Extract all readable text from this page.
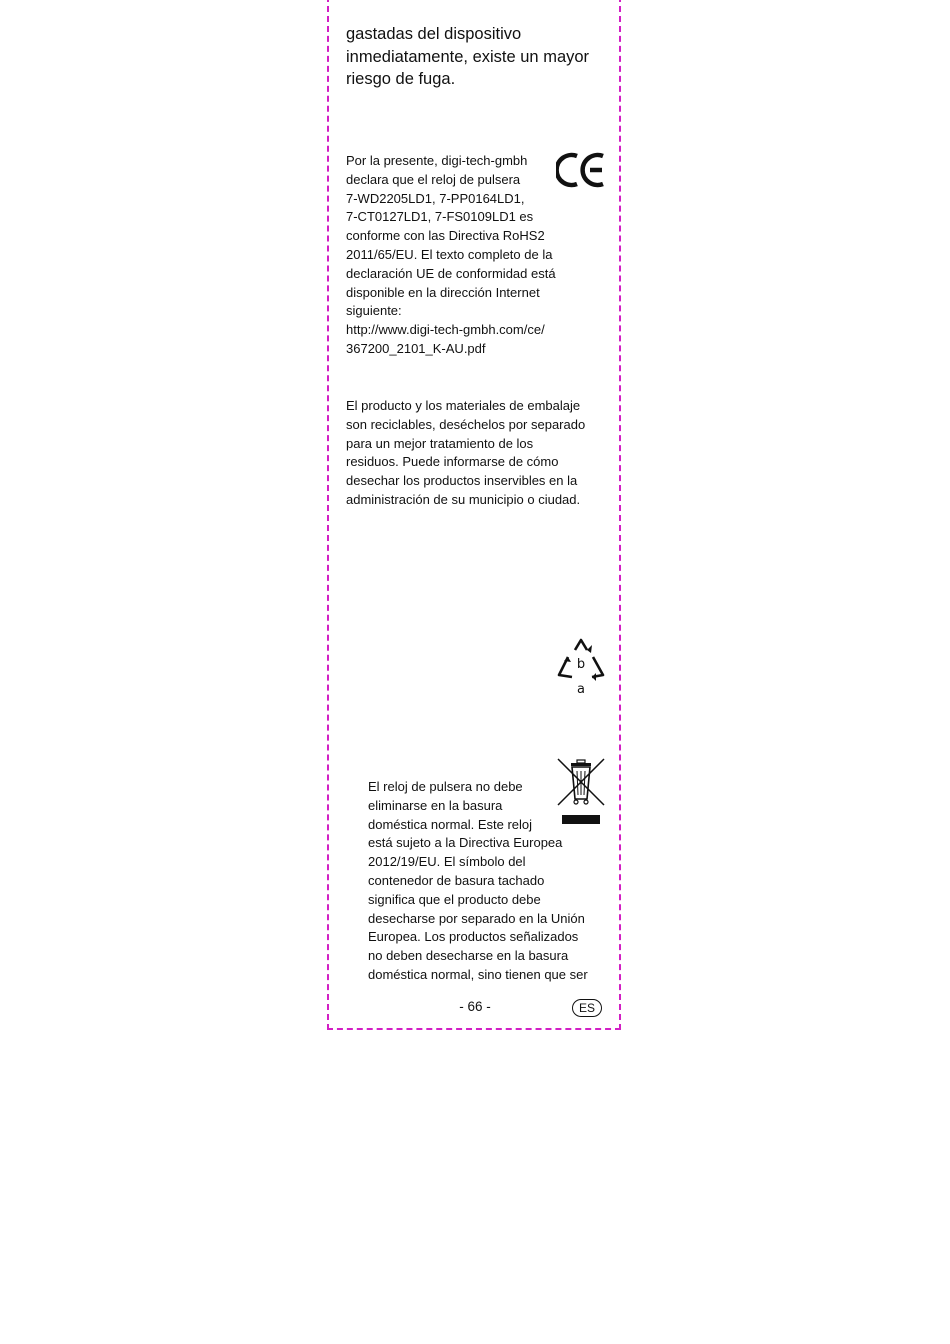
gastadas del dispositivo
inmediatamente, existe un mayor
riesgo de fuga.

Por la presente, digi-tech-gmbh
declara que el reloj de pulsera
7-WD2205LD1, 7-PP0164LD1,
7-CT0127LD1, 7-FS0109LD1 es
conforme con las Directiva RoHS2
2011/65/EU. El texto completo de la
declaración UE de conformidad está
disponible en la dirección Internet
siguiente:
http://www.digi-tech-gmbh.com/ce/
367200_2101_K-AU.pdf

El producto y los materiales de embalaje
son reciclables, deséchelos por separado
para un mejor tratamiento de los
residuos. Puede informarse de cómo
desechar los productos inservibles en la
administración de su municipio o ciudad.

b
a

El reloj de pulsera no debe
eliminarse en la basura
doméstica normal. Este reloj
está sujeto a la Directiva Europea
2012/19/EU. El símbolo del
contenedor de basura tachado
significa que el producto debe
desecharse por separado en la Unión
Europea. Los productos señalizados
no deben desecharse en la basura
doméstica normal, sino tienen que ser

- 66 -	ES
